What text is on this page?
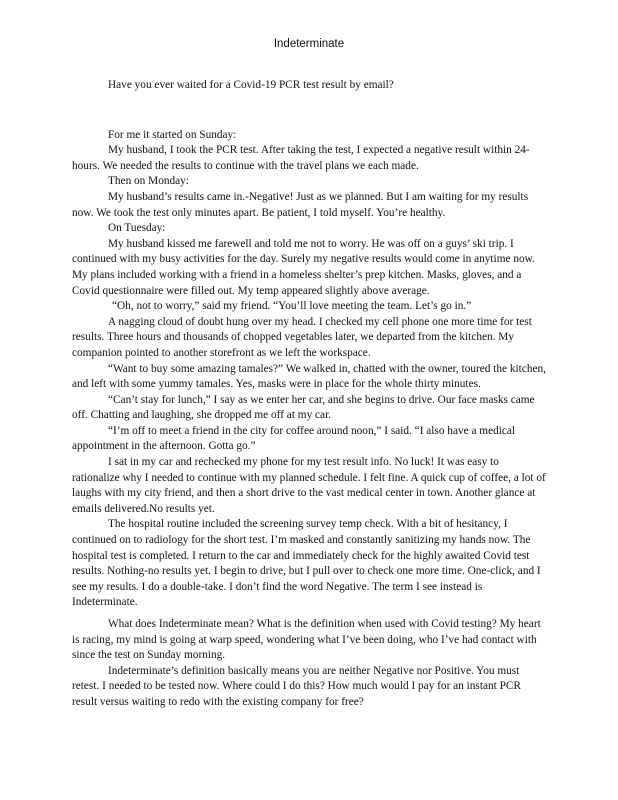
Indeterminate

Have you ever waited for a Covid-19 PCR test result by email?

For me it started on Sunday:

My husband, I took the PCR test. After taking the test, I expected a negative result within 24-hours. We needed the results to continue with the travel plans we each made.

Then on Monday:

My husband’s results came in.-Negative! Just as we planned. But I am waiting for my results now. We took the test only minutes apart. Be patient, I told myself. You’re healthy.

On Tuesday:

My husband kissed me farewell and told me not to worry. He was off on a guys’ ski trip. I continued with my busy activities for the day. Surely my negative results would come in anytime now. My plans included working with a friend in a homeless shelter’s prep kitchen. Masks, gloves, and a Covid questionnaire were filled out. My temp appeared slightly above average.

“Oh, not to worry,” said my friend. “You’ll love meeting the team. Let’s go in.”

A nagging cloud of doubt hung over my head. I checked my cell phone one more time for test results. Three hours and thousands of chopped vegetables later, we departed from the kitchen. My companion pointed to another storefront as we left the workspace.

“Want to buy some amazing tamales?” We walked in, chatted with the owner, toured the kitchen, and left with some yummy tamales. Yes, masks were in place for the whole thirty minutes.

“Can’t stay for lunch,” I say as we enter her car, and she begins to drive. Our face masks came off. Chatting and laughing, she dropped me off at my car.

“I’m off to meet a friend in the city for coffee around noon,” I said. “I also have a medical appointment in the afternoon. Gotta go.”

I sat in my car and rechecked my phone for my test result info. No luck! It was easy to rationalize why I needed to continue with my planned schedule. I felt fine. A quick cup of coffee, a lot of laughs with my city friend, and then a short drive to the vast medical center in town. Another glance at emails delivered.No results yet.

The hospital routine included the screening survey temp check. With a bit of hesitancy, I continued on to radiology for the short test. I’m masked and constantly sanitizing my hands now. The hospital test is completed. I return to the car and immediately check for the highly awaited Covid test results. Nothing-no results yet. I begin to drive, but I pull over to check one more time. One-click, and I see my results. I do a double-take. I don’t find the word Negative. The term I see instead is Indeterminate.

What does Indeterminate mean? What is the definition when used with Covid testing? My heart is racing, my mind is going at warp speed, wondering what I’ve been doing, who I’ve had contact with since the test on Sunday morning.

Indeterminate’s definition basically means you are neither Negative nor Positive. You must retest. I needed to be tested now. Where could I do this? How much would I pay for an instant PCR result versus waiting to redo with the existing company for free?
